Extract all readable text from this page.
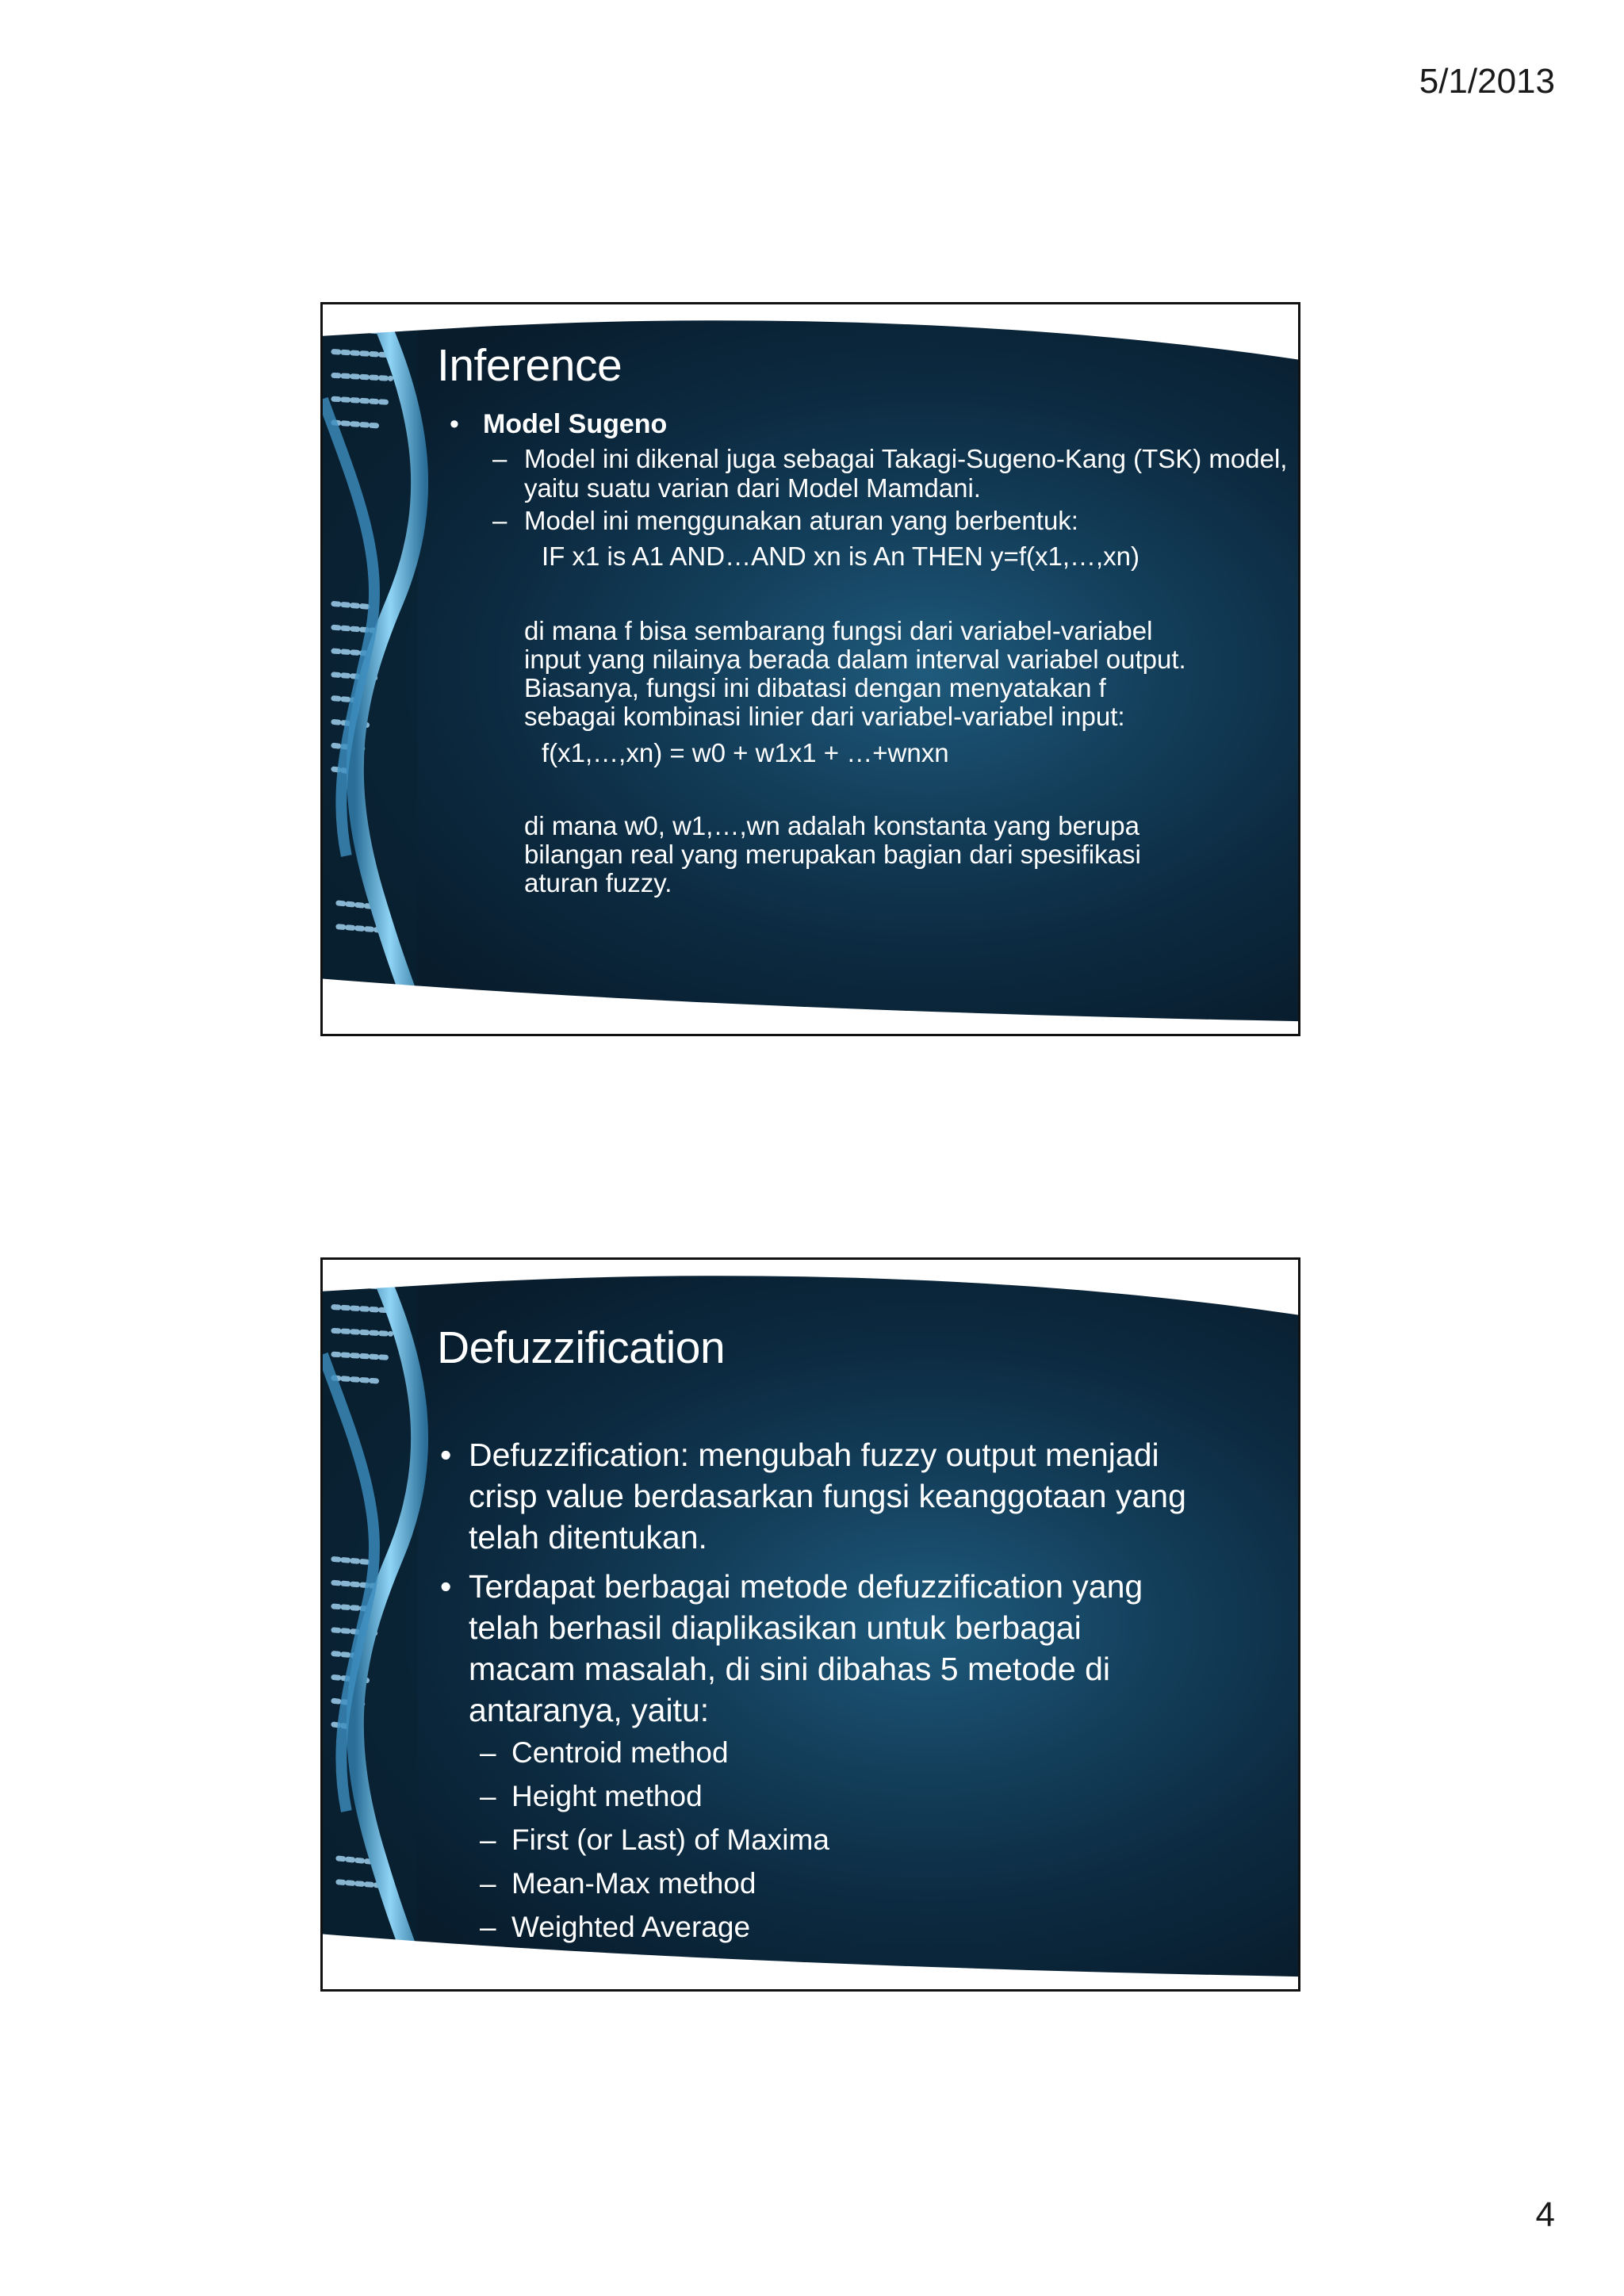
5/1/2013
Inference
• Model Sugeno
– Model ini dikenal juga sebagai Takagi-Sugeno-Kang (TSK) model, yaitu suatu varian dari Model Mamdani.
– Model ini menggunakan aturan yang berbentuk:
IF x1 is A1 AND…AND xn is An THEN y=f(x1,…,xn)
di mana f bisa sembarang fungsi dari variabel-variabel
input yang nilainya berada dalam interval variabel output.
Biasanya, fungsi ini dibatasi dengan menyatakan f
sebagai kombinasi linier dari variabel-variabel input:
f(x1,…,xn) = w0 + w1x1 + …+wnxn
di mana w0, w1,…,wn adalah konstanta yang berupa
bilangan real yang merupakan bagian dari spesifikasi
aturan fuzzy.
Defuzzification
• Defuzzification: mengubah fuzzy output menjadi
crisp value berdasarkan fungsi keanggotaan yang
telah ditentukan.
• Terdapat berbagai metode defuzzification yang
telah berhasil diaplikasikan untuk berbagai
macam masalah, di sini dibahas 5 metode di
antaranya, yaitu:
– Centroid method
– Height method
– First (or Last) of Maxima
– Mean-Max method
– Weighted Average
4
